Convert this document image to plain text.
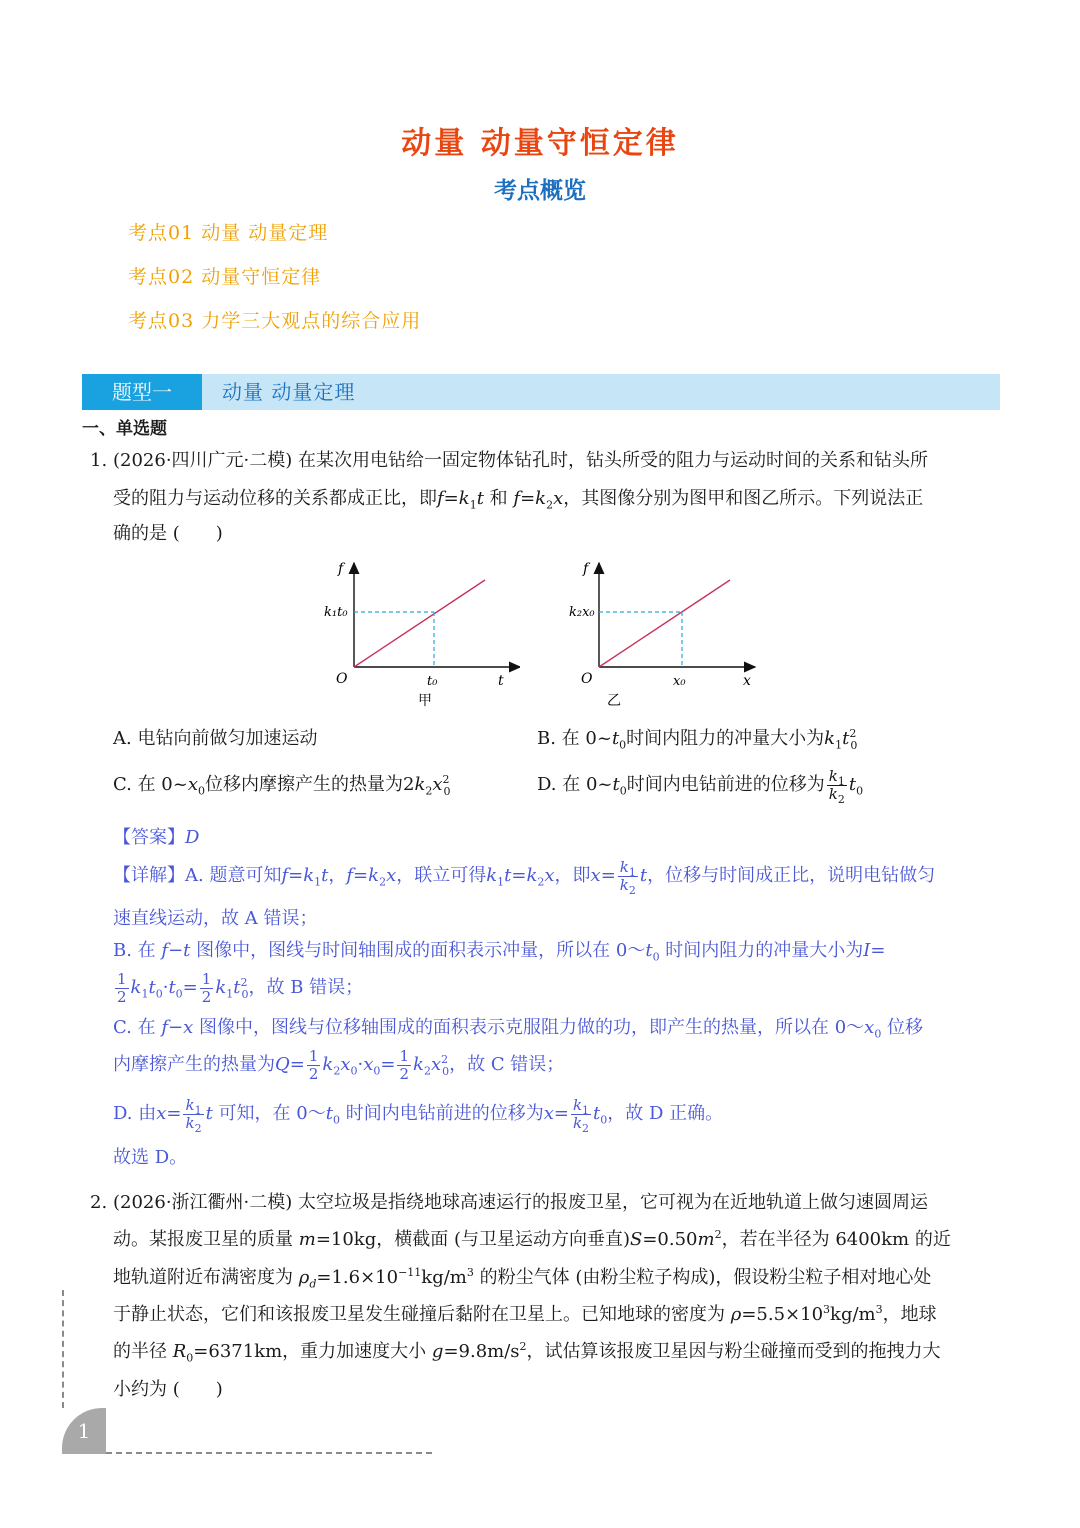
动量 动量守恒定律
考点概览
考点01 动量 动量定理
考点02 动量守恒定律
考点03 力学三大观点的综合应用
题型一	动量 动量定理
一、单选题
1. (2026·四川广元·二模) 在某次用电钻给一固定物体钻孔时，钻头所受的阻力与运动时间的关系和钻头所
受的阻力与运动位移的关系都成正比，即$f=k_1t$ 和 $f=k_2x$，其图像分别为图甲和图乙所示。下列说法正
确的是 (　　)
f
k₁t₀
O	t₀	t
甲
f
k₂x₀
O	x₀	x
乙
A. 电钻向前做匀加速运动	B. 在 $0\sim t_0$时间内阻力的冲量大小为$k_1t^2_0$
C. 在 $0\sim x_0$位移内摩擦产生的热量为$2k_2x^2_0$	D. 在 $0\sim t_0$时间内电钻前进的位移为 $\frac{k_1}{k_2} t_0$
【答案】D
【详解】A. 题意可知$f=k_1t$，$f=k_2x$，联立可得$k_1t=k_2x$，即$x= \frac{k_1}{k_2}$ t，位移与时间成正比，说明电钻做匀
速直线运动，故 A 错误；
B. 在 f−t 图像中，图线与时间轴围成的面积表示冲量，所以在 $0\sim t_0$ 时间内阻力的冲量大小为I=
$\frac{1}{2} k_1t_0\cdot t_0= \frac{1}{2} k_1t^2_0$，故 B 错误；
C. 在 f−x 图像中，图线与位移轴围成的面积表示克服阻力做的功，即产生的热量，所以在 $0\sim x_0$ 位移
内摩擦产生的热量为$Q= \frac{1}{2} k_2x_0\cdot x_0= \frac{1}{2} k_2x^2_0$，故 C 错误；
D. 由$x= \frac{k_1}{k_2}$ t 可知，在 $0\sim t_0$ 时间内电钻前进的位移为$x= \frac{k_1}{k_2} t_0$，故 D 正确。
故选 D。
2. (2026·浙江衢州·二模) 太空垃圾是指绕地球高速运行的报废卫星，它可视为在近地轨道上做匀速圆周运
动。某报废卫星的质量 m=10kg，横截面 (与卫星运动方向垂直)$S=0.50m^2$，若在半径为 6400km 的近
地轨道附近布满密度为 $\rho_d=1.6\times 10^{-11}kg/m^3$ 的粉尘气体 (由粉尘粒子构成)，假设粉尘粒子相对地心处
于静止状态，它们和该报废卫星发生碰撞后黏附在卫星上。已知地球的密度为 $\rho=5.5\times 10^3kg/m^3$，地球
的半径 $R_0=6371km$，重力加速度大小 $g=9.8m/s^2$，试估算该报废卫星因与粉尘碰撞而受到的拖拽力大
小约为 (　　)
1
